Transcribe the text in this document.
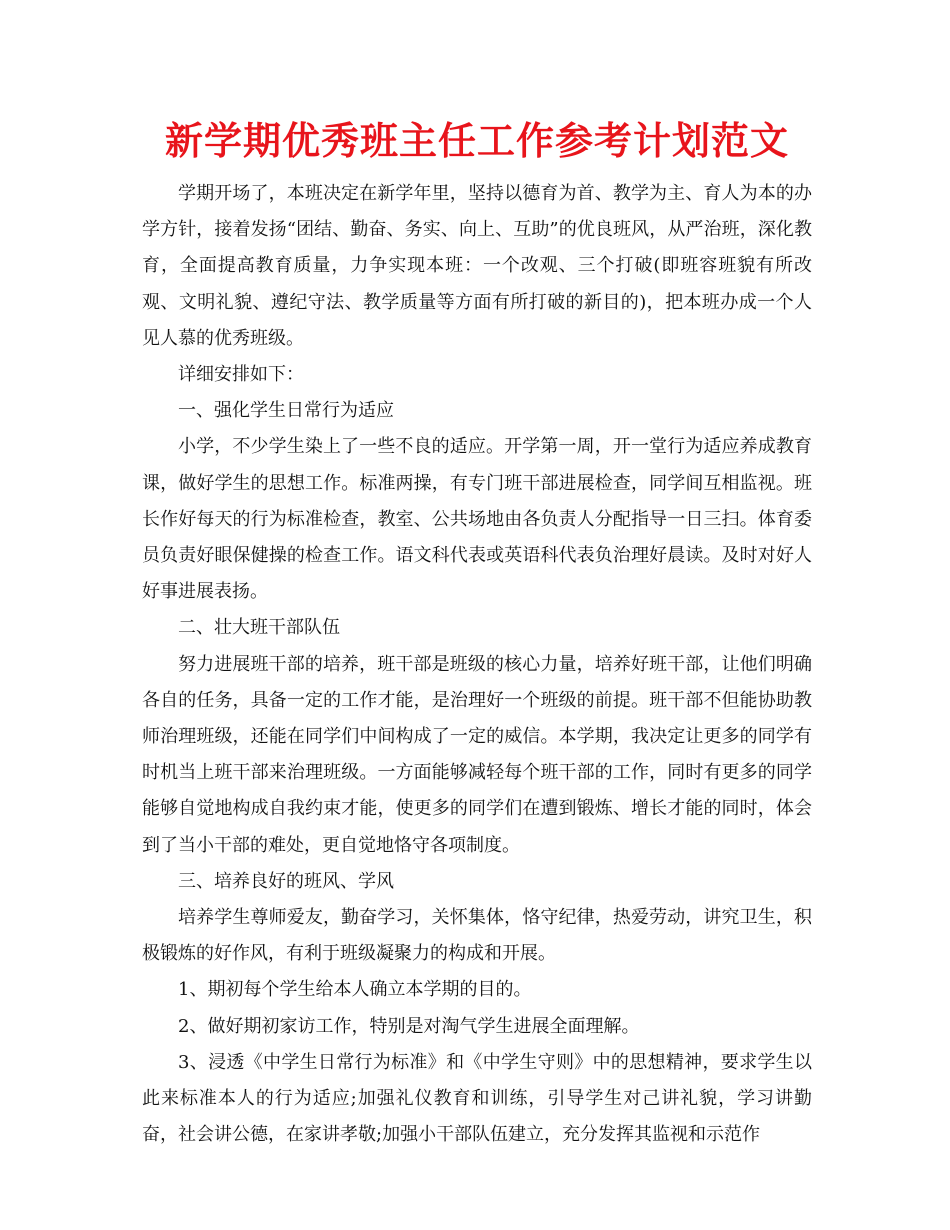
新学期优秀班主任工作参考计划范文

学期开场了，本班决定在新学年里，坚持以德育为首、教学为主、育人为本的办学方针，接着发扬“团结、勤奋、务实、向上、互助”的优良班风，从严治班，深化教育，全面提高教育质量，力争实现本班：一个改观、三个打破(即班容班貌有所改观、文明礼貌、遵纪守法、教学质量等方面有所打破的新目的)，把本班办成一个人见人慕的优秀班级。

详细安排如下：

一、强化学生日常行为适应

小学，不少学生染上了一些不良的适应。开学第一周，开一堂行为适应养成教育课，做好学生的思想工作。标准两操，有专门班干部进展检查，同学间互相监视。班长作好每天的行为标准检查，教室、公共场地由各负责人分配指导一日三扫。体育委员负责好眼保健操的检查工作。语文科代表或英语科代表负治理好晨读。及时对好人好事进展表扬。

二、壮大班干部队伍

努力进展班干部的培养，班干部是班级的核心力量，培养好班干部，让他们明确各自的任务，具备一定的工作才能，是治理好一个班级的前提。班干部不但能协助教师治理班级，还能在同学们中间构成了一定的威信。本学期，我决定让更多的同学有时机当上班干部来治理班级。一方面能够减轻每个班干部的工作，同时有更多的同学能够自觉地构成自我约束才能，使更多的同学们在遭到锻炼、增长才能的同时，体会到了当小干部的难处，更自觉地恪守各项制度。

三、培养良好的班风、学风

培养学生尊师爱友，勤奋学习，关怀集体，恪守纪律，热爱劳动，讲究卫生，积极锻炼的好作风，有利于班级凝聚力的构成和开展。

1、期初每个学生给本人确立本学期的目的。

2、做好期初家访工作，特别是对淘气学生进展全面理解。

3、浸透《中学生日常行为标准》和《中学生守则》中的思想精神，要求学生以此来标准本人的行为适应;加强礼仪教育和训练，引导学生对己讲礼貌，学习讲勤奋，社会讲公德，在家讲孝敬;加强小干部队伍建立，充分发挥其监视和示范作
